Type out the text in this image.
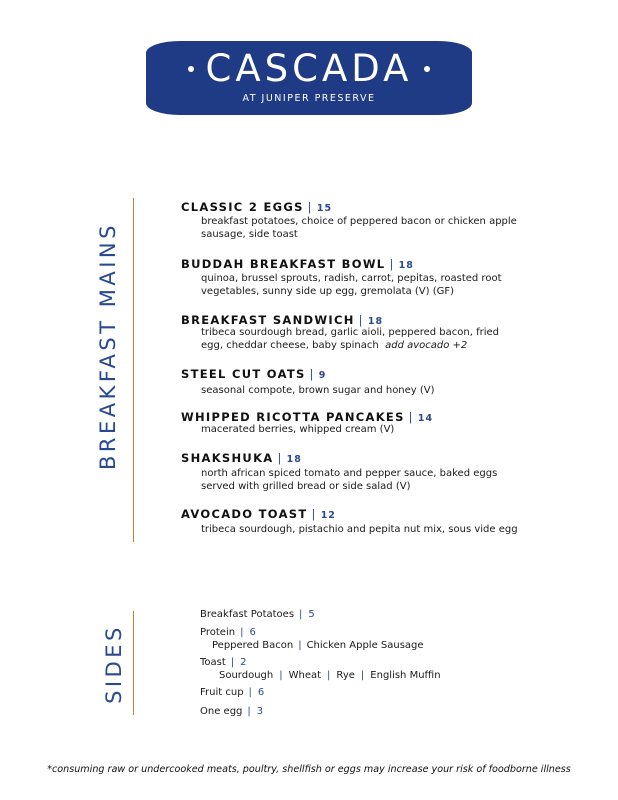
CASCADA
AT JUNIPER PRESERVE
BREAKFAST MAINS
CLASSIC 2 EGGS | 15
breakfast potatoes, choice of peppered bacon or chicken apple
sausage, side toast
BUDDAH BREAKFAST BOWL | 18
quinoa, brussel sprouts, radish, carrot, pepitas, roasted root
vegetables, sunny side up egg, gremolata (V) (GF)
BREAKFAST SANDWICH | 18
tribeca sourdough bread, garlic aioli, peppered bacon, fried
egg, cheddar cheese, baby spinach add avocado +2
STEEL CUT OATS | 9
seasonal compote, brown sugar and honey (V)
WHIPPED RICOTTA PANCAKES | 14
macerated berries, whipped cream (V)
SHAKSHUKA | 18
north african spiced tomato and pepper sauce, baked eggs
served with grilled bread or side salad (V)
AVOCADO TOAST | 12
tribeca sourdough, pistachio and pepita nut mix, sous vide egg
SIDES
Breakfast Potatoes | 5
Protein | 6
Peppered Bacon | Chicken Apple Sausage
Toast | 2
Sourdough | Wheat | Rye | English Muffin
Fruit cup | 6
One egg | 3
*consuming raw or undercooked meats, poultry, shellfish or eggs may increase your risk of foodborne illness
